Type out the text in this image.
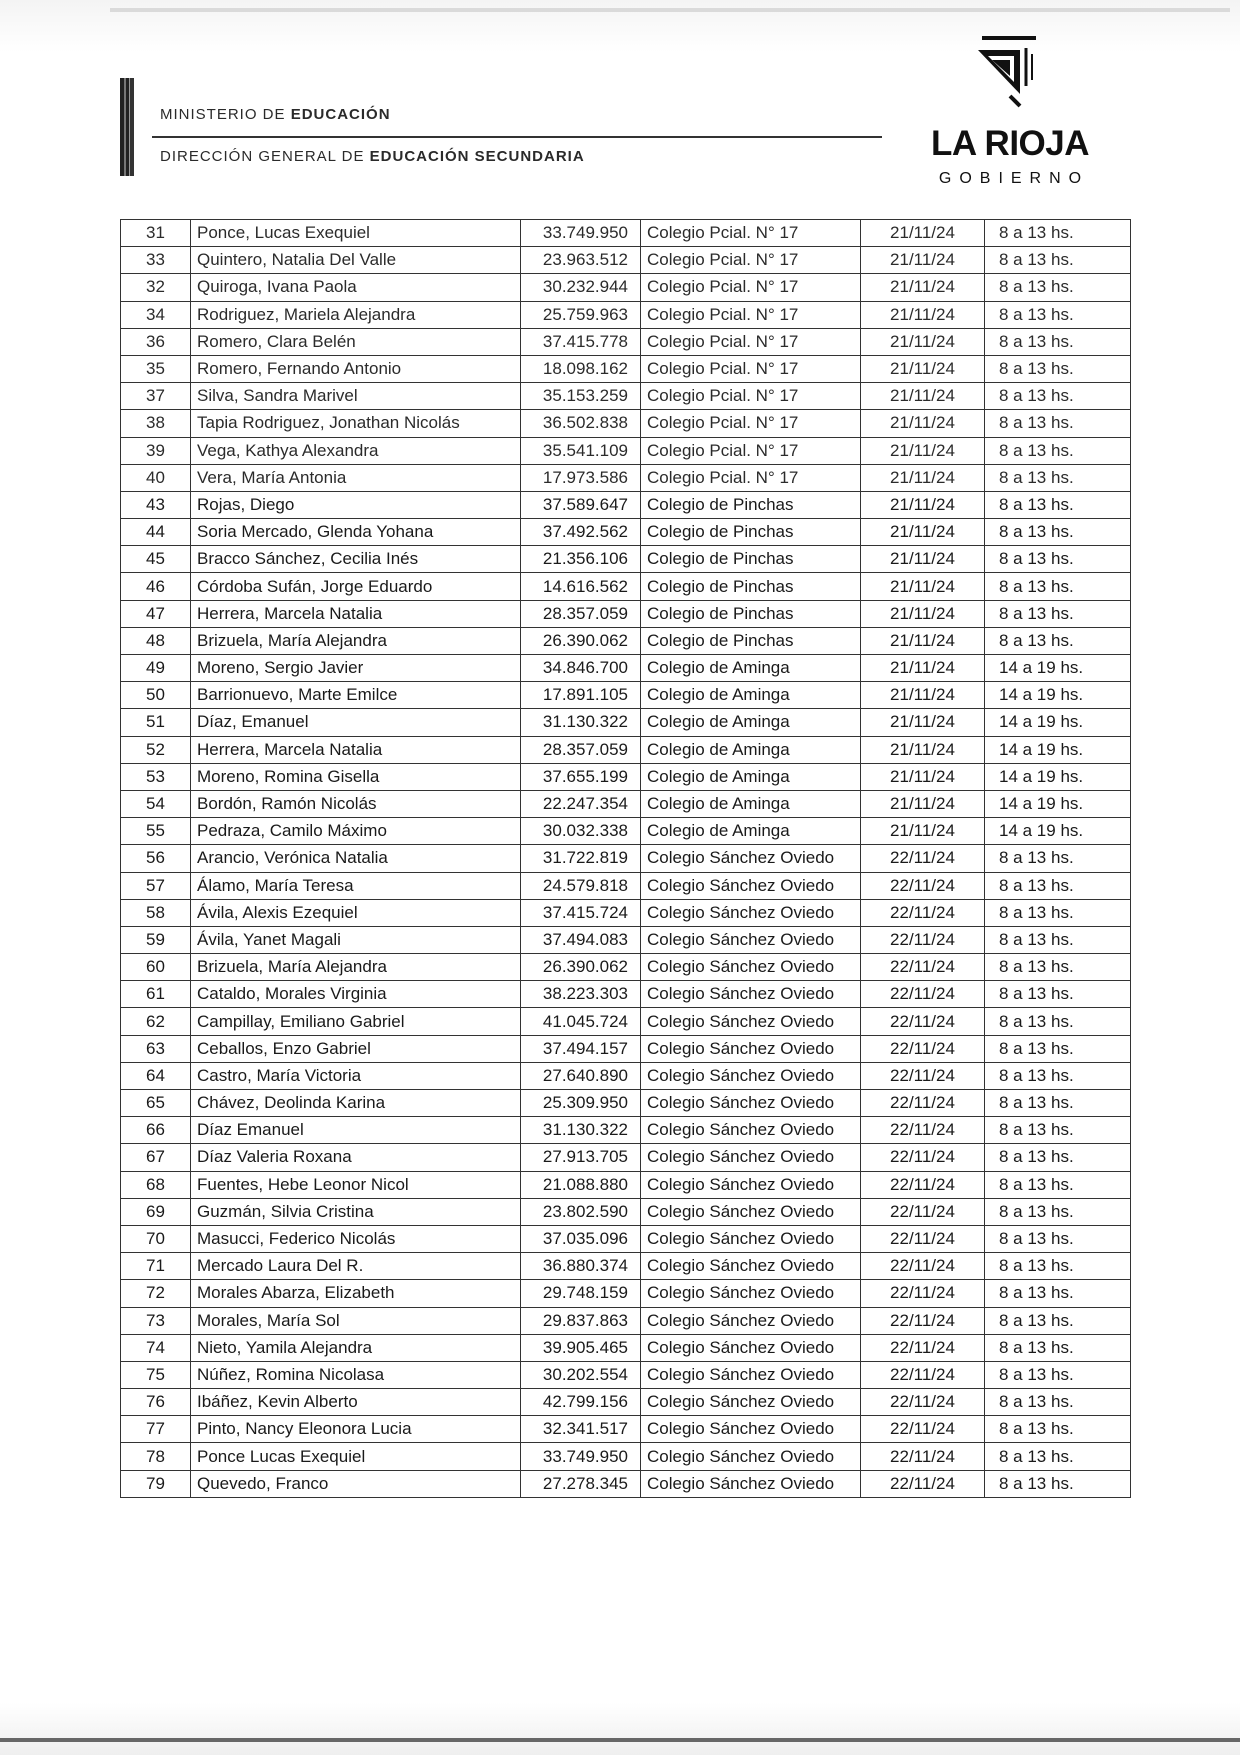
MINISTERIO DE EDUCACIÓN
DIRECCIÓN GENERAL DE EDUCACIÓN SECUNDARIA	LA RIOJA
GOBIERNO
31	Ponce, Lucas Exequiel	33.749.950	Colegio Pcial. N° 17	21/11/24	8 a 13 hs.
33	Quintero, Natalia Del Valle	23.963.512	Colegio Pcial. N° 17	21/11/24	8 a 13 hs.
32	Quiroga, Ivana Paola	30.232.944	Colegio Pcial. N° 17	21/11/24	8 a 13 hs.
34	Rodriguez, Mariela Alejandra	25.759.963	Colegio Pcial. N° 17	21/11/24	8 a 13 hs.
36	Romero, Clara Belén	37.415.778	Colegio Pcial. N° 17	21/11/24	8 a 13 hs.
35	Romero, Fernando Antonio	18.098.162	Colegio Pcial. N° 17	21/11/24	8 a 13 hs.
37	Silva, Sandra Marivel	35.153.259	Colegio Pcial. N° 17	21/11/24	8 a 13 hs.
38	Tapia Rodriguez, Jonathan Nicolás	36.502.838	Colegio Pcial. N° 17	21/11/24	8 a 13 hs.
39	Vega, Kathya Alexandra	35.541.109	Colegio Pcial. N° 17	21/11/24	8 a 13 hs.
40	Vera, María Antonia	17.973.586	Colegio Pcial. N° 17	21/11/24	8 a 13 hs.
43	Rojas, Diego	37.589.647	Colegio de Pinchas	21/11/24	8 a 13 hs.
44	Soria Mercado, Glenda Yohana	37.492.562	Colegio de Pinchas	21/11/24	8 a 13 hs.
45	Bracco Sánchez, Cecilia Inés	21.356.106	Colegio de Pinchas	21/11/24	8 a 13 hs.
46	Córdoba Sufán, Jorge Eduardo	14.616.562	Colegio de Pinchas	21/11/24	8 a 13 hs.
47	Herrera, Marcela Natalia	28.357.059	Colegio de Pinchas	21/11/24	8 a 13 hs.
48	Brizuela, María Alejandra	26.390.062	Colegio de Pinchas	21/11/24	8 a 13 hs.
49	Moreno, Sergio Javier	34.846.700	Colegio de Aminga	21/11/24	14 a 19 hs.
50	Barrionuevo, Marte Emilce	17.891.105	Colegio de Aminga	21/11/24	14 a 19 hs.
51	Díaz, Emanuel	31.130.322	Colegio de Aminga	21/11/24	14 a 19 hs.
52	Herrera, Marcela Natalia	28.357.059	Colegio de Aminga	21/11/24	14 a 19 hs.
53	Moreno, Romina Gisella	37.655.199	Colegio de Aminga	21/11/24	14 a 19 hs.
54	Bordón, Ramón Nicolás	22.247.354	Colegio de Aminga	21/11/24	14 a 19 hs.
55	Pedraza, Camilo Máximo	30.032.338	Colegio de Aminga	21/11/24	14 a 19 hs.
56	Arancio, Verónica Natalia	31.722.819	Colegio Sánchez Oviedo	22/11/24	8 a 13 hs.
57	Álamo, María Teresa	24.579.818	Colegio Sánchez Oviedo	22/11/24	8 a 13 hs.
58	Ávila, Alexis Ezequiel	37.415.724	Colegio Sánchez Oviedo	22/11/24	8 a 13 hs.
59	Ávila, Yanet Magali	37.494.083	Colegio Sánchez Oviedo	22/11/24	8 a 13 hs.
60	Brizuela, María Alejandra	26.390.062	Colegio Sánchez Oviedo	22/11/24	8 a 13 hs.
61	Cataldo, Morales Virginia	38.223.303	Colegio Sánchez Oviedo	22/11/24	8 a 13 hs.
62	Campillay, Emiliano Gabriel	41.045.724	Colegio Sánchez Oviedo	22/11/24	8 a 13 hs.
63	Ceballos, Enzo Gabriel	37.494.157	Colegio Sánchez Oviedo	22/11/24	8 a 13 hs.
64	Castro, María Victoria	27.640.890	Colegio Sánchez Oviedo	22/11/24	8 a 13 hs.
65	Chávez, Deolinda Karina	25.309.950	Colegio Sánchez Oviedo	22/11/24	8 a 13 hs.
66	Díaz Emanuel	31.130.322	Colegio Sánchez Oviedo	22/11/24	8 a 13 hs.
67	Díaz Valeria Roxana	27.913.705	Colegio Sánchez Oviedo	22/11/24	8 a 13 hs.
68	Fuentes, Hebe Leonor Nicol	21.088.880	Colegio Sánchez Oviedo	22/11/24	8 a 13 hs.
69	Guzmán, Silvia Cristina	23.802.590	Colegio Sánchez Oviedo	22/11/24	8 a 13 hs.
70	Masucci, Federico Nicolás	37.035.096	Colegio Sánchez Oviedo	22/11/24	8 a 13 hs.
71	Mercado Laura Del R.	36.880.374	Colegio Sánchez Oviedo	22/11/24	8 a 13 hs.
72	Morales Abarza, Elizabeth	29.748.159	Colegio Sánchez Oviedo	22/11/24	8 a 13 hs.
73	Morales, María Sol	29.837.863	Colegio Sánchez Oviedo	22/11/24	8 a 13 hs.
74	Nieto, Yamila Alejandra	39.905.465	Colegio Sánchez Oviedo	22/11/24	8 a 13 hs.
75	Núñez, Romina Nicolasa	30.202.554	Colegio Sánchez Oviedo	22/11/24	8 a 13 hs.
76	Ibáñez, Kevin Alberto	42.799.156	Colegio Sánchez Oviedo	22/11/24	8 a 13 hs.
77	Pinto, Nancy Eleonora Lucia	32.341.517	Colegio Sánchez Oviedo	22/11/24	8 a 13 hs.
78	Ponce Lucas Exequiel	33.749.950	Colegio Sánchez Oviedo	22/11/24	8 a 13 hs.
79	Quevedo, Franco	27.278.345	Colegio Sánchez Oviedo	22/11/24	8 a 13 hs.
